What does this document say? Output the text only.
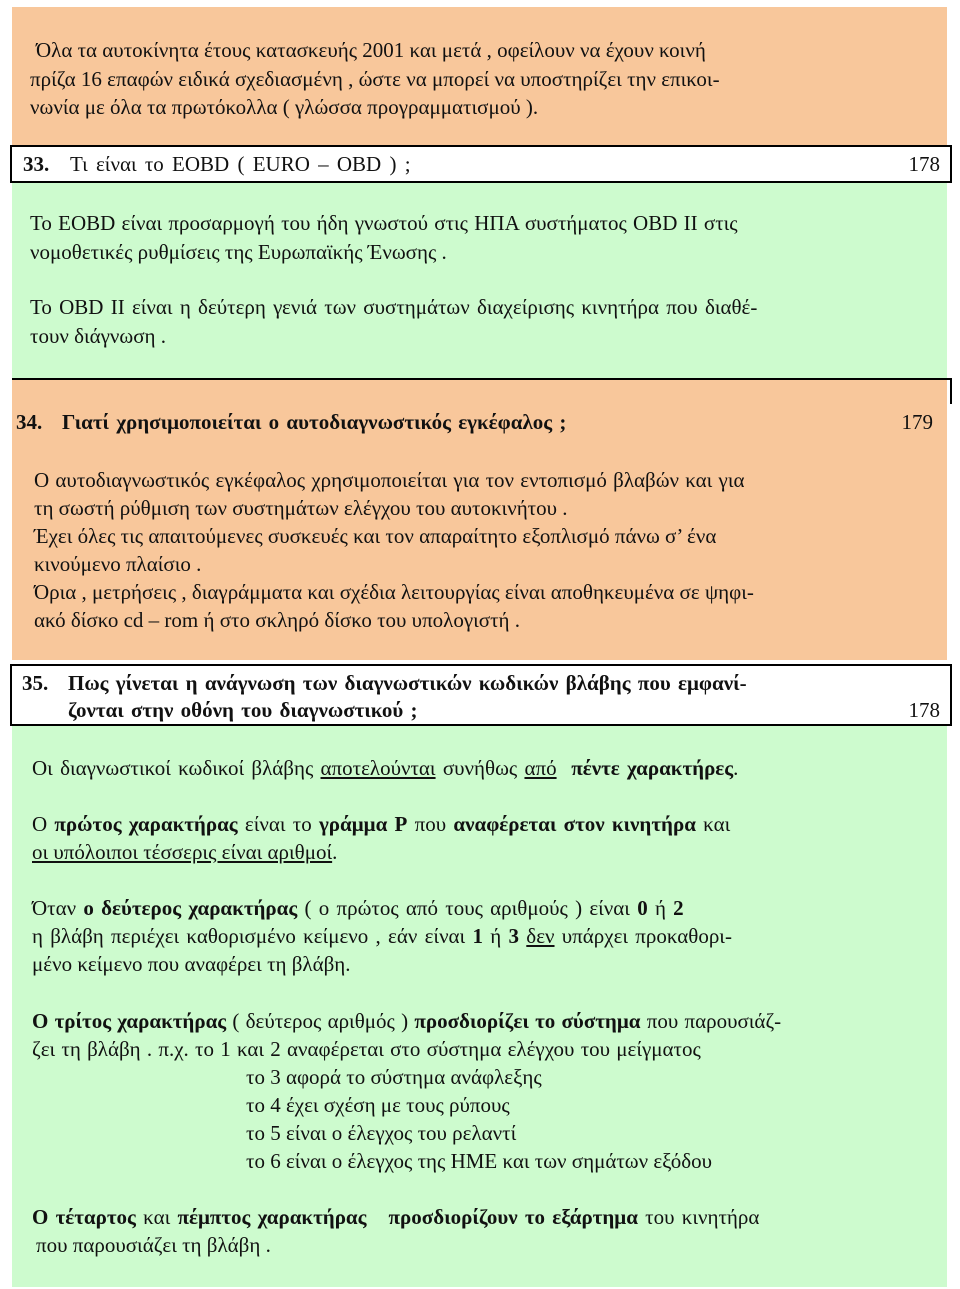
Όλα τα αυτοκίνητα έτους κατασκευής 2001 και μετά , οφείλουν να έχουν κοινή
πρίζα 16 επαφών ειδικά σχεδιασμένη , ώστε να μπορεί να υποστηρίζει την επικοι-
νωνία με όλα τα πρωτόκολλα ( γλώσσα προγραμματισμού ).
33. Τι είναι το EOBD ( EURO – OBD ) ;	178
Το EOBD είναι προσαρμογή του ήδη γνωστού στις ΗΠΑ συστήματος OBD II στις
νομοθετικές ρυθμίσεις της Ευρωπαϊκής Ένωσης .
Το OBD II είναι η δεύτερη γενιά των συστημάτων διαχείρισης κινητήρα που διαθέ-
τουν διάγνωση .
34. Γιατί χρησιμοποιείται ο αυτοδιαγνωστικός εγκέφαλος ;	179
Ο αυτοδιαγνωστικός εγκέφαλος χρησιμοποιείται για τον εντοπισμό βλαβών και για
τη σωστή ρύθμιση των συστημάτων ελέγχου του αυτοκινήτου .
Έχει όλες τις απαιτούμενες συσκευές και τον απαραίτητο εξοπλισμό πάνω σ’ ένα
κινούμενο πλαίσιο .
Όρια , μετρήσεις , διαγράμματα και σχέδια λειτουργίας είναι αποθηκευμένα σε ψηφι-
ακό δίσκο cd – rom ή στο σκληρό δίσκο του υπολογιστή .
35. Πως γίνεται η ανάγνωση των διαγνωστικών κωδικών βλάβης που εμφανί-
ζονται στην οθόνη του διαγνωστικού ;	178
Οι διαγνωστικοί κωδικοί βλάβης αποτελούνται συνήθως από πέντε χαρακτήρες.
Ο πρώτος χαρακτήρας είναι το γράμμα P που αναφέρεται στον κινητήρα και
οι υπόλοιποι τέσσερις είναι αριθμοί.
Όταν ο δεύτερος χαρακτήρας ( ο πρώτος από τους αριθμούς ) είναι 0 ή 2
η βλάβη περιέχει καθορισμένο κείμενο , εάν είναι 1 ή 3 δεν υπάρχει προκαθορι-
μένο κείμενο που αναφέρει τη βλάβη.
Ο τρίτος χαρακτήρας ( δεύτερος αριθμός ) προσδιορίζει το σύστημα που παρουσιάζ-
ζει τη βλάβη . π.χ. το 1 και 2 αναφέρεται στο σύστημα ελέγχου του μείγματος
το 3 αφορά το σύστημα ανάφλεξης
το 4 έχει σχέση με τους ρύπους
το 5 είναι ο έλεγχος του ρελαντί
το 6 είναι ο έλεγχος της ΗΜΕ και των σημάτων εξόδου
Ο τέταρτος και πέμπτος χαρακτήρας προσδιορίζουν το εξάρτημα του κινητήρα
που παρουσιάζει τη βλάβη .
